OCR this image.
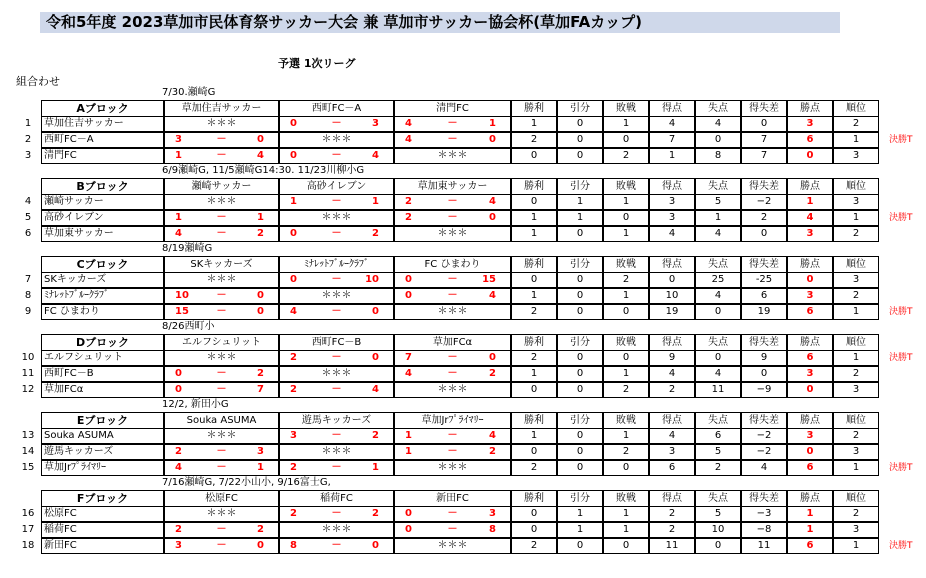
令和5年度 2023草加市民体育祭サッカー大会 兼 草加市サッカー協会杯(草加FAカップ)
予選 1次リーグ
組合わせ
7/30.瀬崎G
Aブロック	草加住吉サッカー	西町FC－A	清門FC	勝利	引分	敗戦	得点	失点	得失差	勝点	順位
1	草加住吉サッカー	＊＊＊	0	－	3	4	－	1	1	0	1	4	4	0	3	2
2	西町FC－A	3	－	0	＊＊＊	4	－	0	2	0	0	7	0	7	6	1	決勝T
3	清門FC	1	－	4	0	－	4	＊＊＊	0	0	2	1	8	7	0	3
6/9瀬崎G, 11/5瀬崎G14:30. 11/23川柳小G
Bブロック	瀬崎サッカー	高砂イレブン	草加東サッカー	勝利	引分	敗戦	得点	失点	得失差	勝点	順位
4	瀬崎サッカー	＊＊＊	1	－	1	2	－	4	0	1	1	3	5	−2	1	3
5	高砂イレブン	1	－	1	＊＊＊	2	－	0	1	1	0	3	1	2	4	1	決勝T
6	草加東サッカー	4	－	2	0	－	2	＊＊＊	1	0	1	4	4	0	3	2
8/19瀬崎G
Cブロック	SKキッカーズ	ﾐﾅﾚｯﾄﾌﾞﾙｰｸﾗﾌﾞ	FC ひまわり	勝利	引分	敗戦	得点	失点	得失差	勝点	順位
7	SKキッカーズ	＊＊＊	0	－	10	0	－	15	0	0	2	0	25	-25	0	3
8	ﾐﾅﾚｯﾄﾌﾞﾙｰｸﾗﾌﾞ	10	－	0	＊＊＊	0	－	4	1	0	1	10	4	6	3	2
9	FC ひまわり	15	－	0	4	－	0	＊＊＊	2	0	0	19	0	19	6	1	決勝T
8/26西町小
Dブロック	エルフシュリット	西町FC－B	草加FCα	勝利	引分	敗戦	得点	失点	得失差	勝点	順位
10 エルフシュリット	＊＊＊	2	－	0	7	－	0	2	0	0	9	0	9	6	1	決勝T
11 西町FC－B	0	－	2	＊＊＊	4	－	2	1	0	1	4	4	0	3	2
12 草加FCα	0	－	7	2	－	4	＊＊＊	0	0	2	2	11	−9	0	3
12/2, 新田小G
Eブロック	Souka ASUMA	遊馬キッカーズ	草加Jrﾌﾟﾗｲﾏﾘｰ	勝利	引分	敗戦	得点	失点	得失差	勝点	順位
13 Souka ASUMA	＊＊＊	3	－	2	1	－	4	1	0	1	4	6	−2	3	2
14 遊馬キッカーズ	2	－	3	＊＊＊	1	－	2	0	0	2	3	5	−2	0	3
15 草加Jrﾌﾟﾗｲﾏﾘｰ	4	－	1	2	－	1	＊＊＊	2	0	0	6	2	4	6	1	決勝T
7/16瀬崎G, 7/22小山小, 9/16富士G,
Fブロック	松原FC	稲荷FC	新田FC	勝利	引分	敗戦	得点	失点	得失差	勝点	順位
16 松原FC	＊＊＊	2	－	2	0	－	3	0	1	1	2	5	−3	1	2
17 稲荷FC	2	－	2	＊＊＊	0	－	8	0	1	1	2	10	−8	1	3
18 新田FC	3	－	0	8	－	0	＊＊＊	2	0	0	11	0	11	6	1	決勝T
